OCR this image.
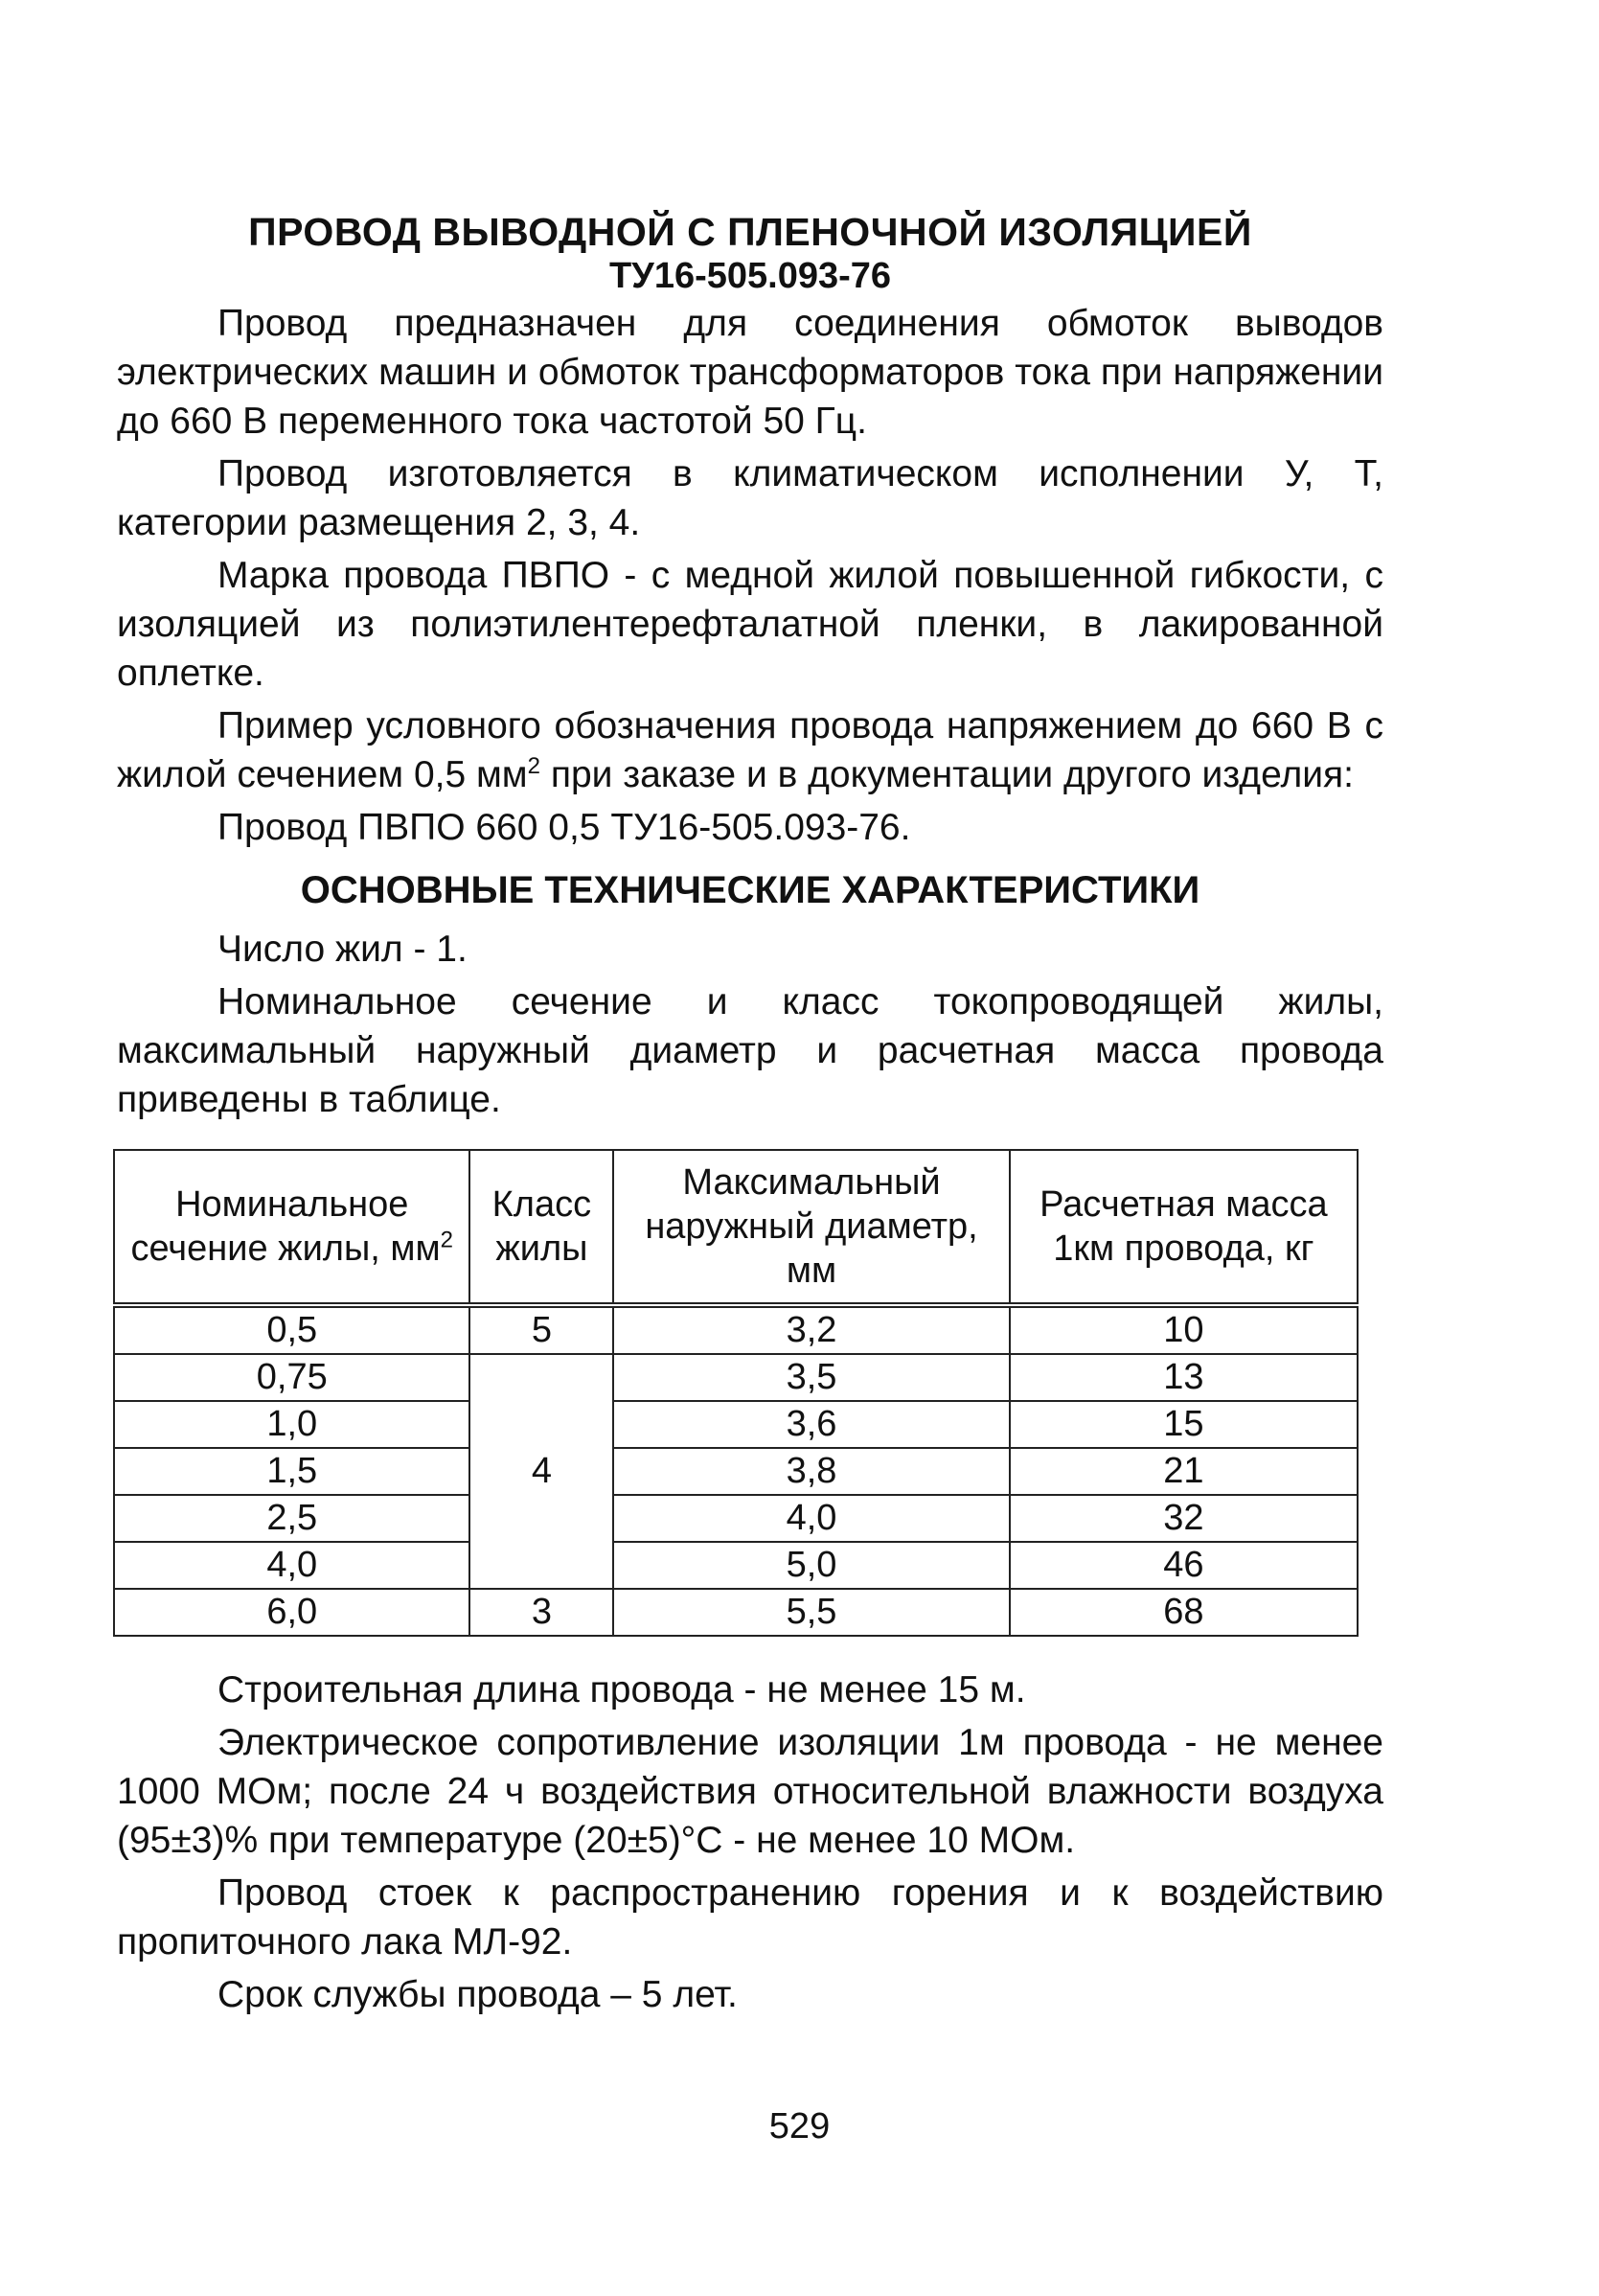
ПРОВОД ВЫВОДНОЙ С ПЛЕНОЧНОЙ ИЗОЛЯЦИЕЙ
ТУ16-505.093-76

Провод предназначен для соединения обмоток выводов электрических машин и обмоток трансформаторов тока при напряжении до 660 В переменного тока частотой 50 Гц.

Провод изготовляется в климатическом исполнении У, Т, категории размещения 2, 3, 4.

Марка провода ПВПО - с медной жилой повышенной гибкости, с изоляцией из полиэтилентерефталатной пленки, в лакированной оплетке.

Пример условного обозначения провода напряжением до 660 В с жилой сечением 0,5 $мм^2$ при заказе и в документации другого изделия:

Провод ПВПО 660 0,5 ТУ16-505.093-76.

ОСНОВНЫЕ ТЕХНИЧЕСКИЕ ХАРАКТЕРИСТИКИ

Число жил - 1.

Номинальное сечение и класс токопроводящей жилы, максимальный наружный диаметр и расчетная масса провода приведены в таблице.

Номинальное сечение жилы, $мм^2$	Класс жилы	Максимальный наружный диаметр, мм	Расчетная масса 1км провода, кг
0,5	5	3,2	10
0,75	4	3,5	13
1,0		3,6	15
1,5		3,8	21
2,5		4,0	32
4,0		5,0	46
6,0	3	5,5	68

Строительная длина провода - не менее 15 м.

Электрическое сопротивление изоляции 1м провода - не менее 1000 МОм; после 24 ч воздействия относительной влажности воздуха (95±3)% при температуре (20±5)°С - не менее 10 МОм.

Провод стоек к распространению горения и к воздействию пропиточного лака МЛ-92.

Срок службы провода – 5 лет.

529
